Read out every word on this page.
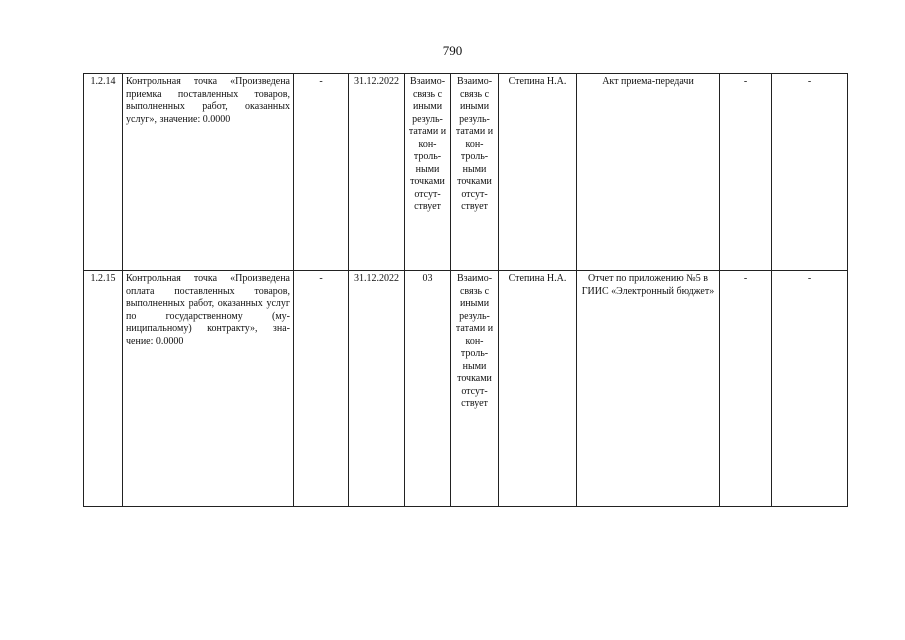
790
1.2.14	Контрольная точка «Произведена приемка поставленных товаров, выполненных работ, оказанных услуг», значение: 0.0000	-	31.12.2022	Взаимо- связь с иными резуль- татами и кон- троль- ными точками отсут- ствует	Взаимо- связь с иными резуль- татами и кон- троль- ными точками отсут- ствует	Степина Н.А.	Акт приема-передачи	-	-
1.2.15	Контрольная точка «Произведена оплата поставленных товаров, выполненных работ, оказанных услуг по государственному (му- ниципальному) контракту», зна- чение: 0.0000	-	31.12.2022	03	Взаимо- связь с иными резуль- татами и кон- троль- ными точками отсут- ствует	Степина Н.А.	Отчет по приложению №5 в ГИИС «Электронный бюджет»	-	-
